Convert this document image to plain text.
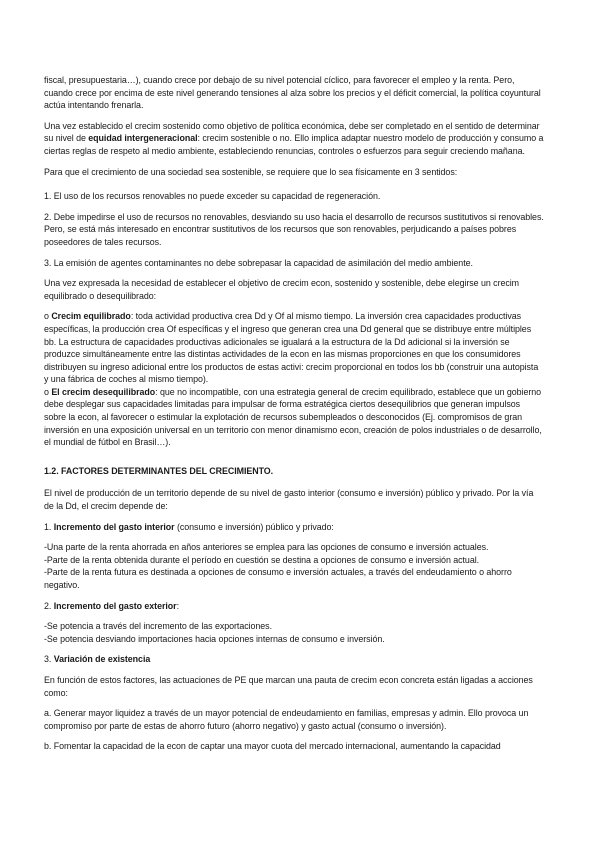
fiscal, presupuestaria…), cuando crece por debajo de su nivel potencial cíclico, para favorecer el empleo y la renta. Pero, cuando crece por encima de este nivel generando tensiones al alza sobre los precios y el déficit comercial, la política coyuntural actúa intentando frenarla.

Una vez establecido el crecim sostenido como objetivo de política económica, debe ser completado en el sentido de determinar su nivel de equidad intergeneracional: crecim sostenible o no. Ello implica adaptar nuestro modelo de producción y consumo a ciertas reglas de respeto al medio ambiente, estableciendo renuncias, controles o esfuerzos para seguir creciendo mañana.

Para que el crecimiento de una sociedad sea sostenible, se requiere que lo sea físicamente en 3 sentidos:

1. El uso de los recursos renovables no puede exceder su capacidad de regeneración.

2. Debe impedirse el uso de recursos no renovables, desviando su uso hacia el desarrollo de recursos sustitutivos si renovables. Pero, se está más interesado en encontrar sustitutivos de los recursos que son renovables, perjudicando a países pobres poseedores de tales recursos.

3. La emisión de agentes contaminantes no debe sobrepasar la capacidad de asimilación del medio ambiente.

Una vez expresada la necesidad de establecer el objetivo de crecim econ, sostenido y sostenible, debe elegirse un crecim equilibrado o desequilibrado:

o Crecim equilibrado: toda actividad productiva crea Dd y Of al mismo tiempo. La inversión crea capacidades productivas específicas, la producción crea Of específicas y el ingreso que generan crea una Dd general que se distribuye entre múltiples bb. La estructura de capacidades productivas adicionales se igualará a la estructura de la Dd adicional si la inversión se produzce simultáneamente entre las distintas actividades de la econ en las mismas proporciones en que los consumidores distribuyen su ingreso adicional entre los productos de estas activi: crecim proporcional en todos los bb (construir una autopista y una fábrica de coches al mismo tiempo).

o El crecim desequilibrado: que no incompatible, con una estrategia general de crecim equilibrado, establece que un gobierno debe desplegar sus capacidades limitadas para impulsar de forma estratégica ciertos desequilibrios que generan impulsos sobre la econ, al favorecer o estimular la explotación de recursos subempleados o desconocidos (Ej. compromisos de gran inversión en una exposición universal en un territorio con menor dinamismo econ, creación de polos industriales o de desarrollo, el mundial de fútbol en Brasil…).

1.2. FACTORES DETERMINANTES DEL CRECIMIENTO.

El nivel de producción de un territorio depende de su nivel de gasto interior (consumo e inversión) público y privado. Por la vía de la Dd, el crecim depende de:

1. Incremento del gasto interior (consumo e inversión) público y privado:

-Una parte de la renta ahorrada en años anteriores se emplea para las opciones de consumo e inversión actuales.
-Parte de la renta obtenida durante el período en cuestión se destina a opciones de consumo e inversión actual.
-Parte de la renta futura es destinada a opciones de consumo e inversión actuales, a través del endeudamiento o ahorro negativo.

2. Incremento del gasto exterior:

-Se potencia a través del incremento de las exportaciones.
-Se potencia desviando importaciones hacia opciones internas de consumo e inversión.

3. Variación de existencia

En función de estos factores, las actuaciones de PE que marcan una pauta de crecim econ concreta están ligadas a acciones como:

a. Generar mayor liquidez a través de un mayor potencial de endeudamiento en familias, empresas y admin. Ello provoca un compromiso por parte de estas de ahorro futuro (ahorro negativo) y gasto actual (consumo o inversión).

b. Fomentar la capacidad de la econ de captar una mayor cuota del mercado internacional, aumentando la capacidad
